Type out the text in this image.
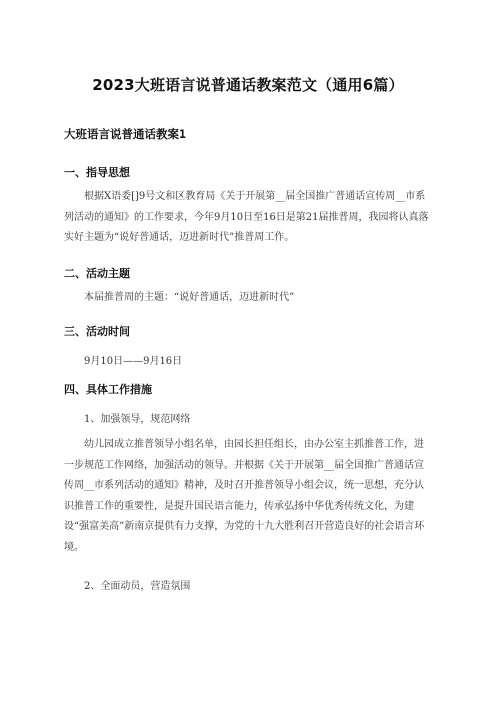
2023大班语言说普通话教案范文（通用6篇）
大班语言说普通话教案1
一、指导思想
根据X语委[]9号文和区教育局《关于开展第__届全国推广普通话宣传周__市系列活动的通知》的工作要求，今年9月10日至16日是第21届推普周，我园将认真落实好主题为“说好普通话，迈进新时代”推普周工作。
二、活动主题
本届推普周的主题：“说好普通话，迈进新时代”
三、活动时间
9月10日——9月16日
四、具体工作措施
1、加强领导，规范网络
幼儿园成立推普领导小组名单，由园长担任组长，由办公室主抓推普工作，进一步规范工作网络，加强活动的领导。并根据《关于开展第__届全国推广普通话宣传周__市系列活动的通知》精神，及时召开推普领导小组会议，统一思想，充分认识推普工作的重要性，是提升国民语言能力，传承弘扬中华优秀传统文化，为建设“强富美高”新南京提供有力支撑，为党的十九大胜利召开营造良好的社会语言环境。
2、全面动员，营造氛围
